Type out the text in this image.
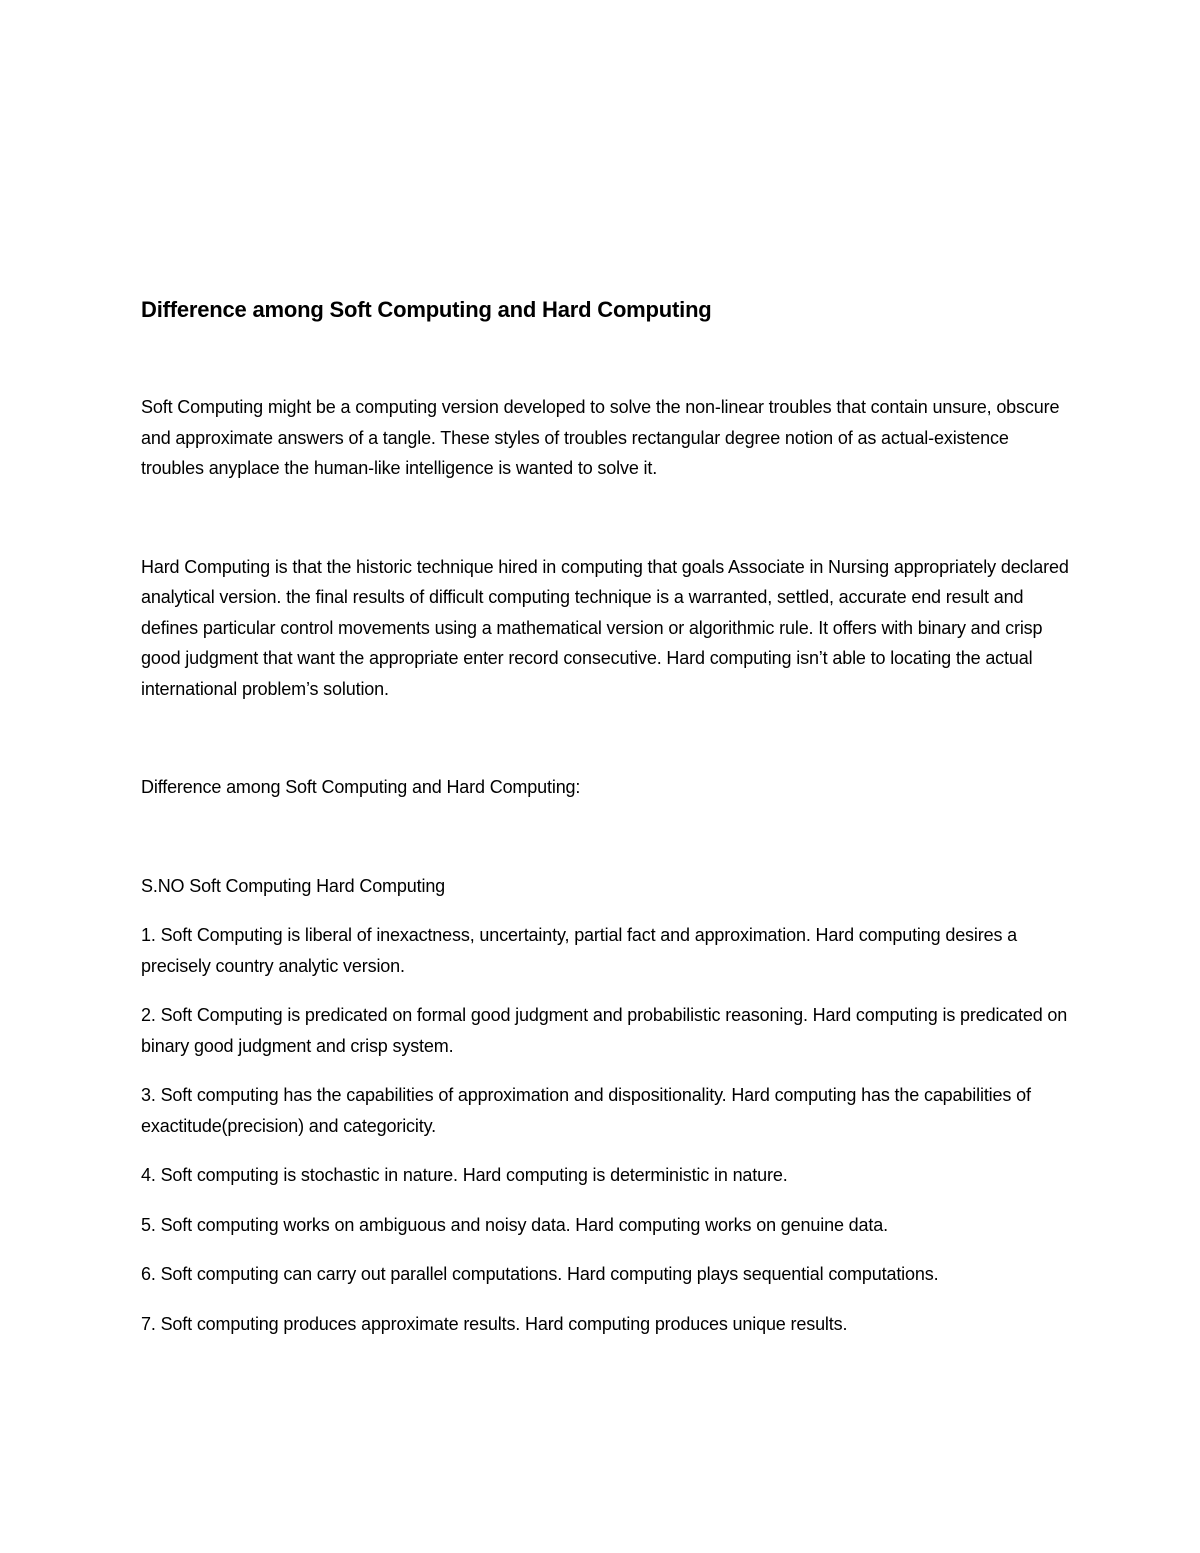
Difference among Soft Computing and Hard Computing

Soft Computing might be a computing version developed to solve the non-linear troubles that contain unsure, obscure and approximate answers of a tangle. These styles of troubles rectangular degree notion of as actual-existence troubles anyplace the human-like intelligence is wanted to solve it.

Hard Computing is that the historic technique hired in computing that goals Associate in Nursing appropriately declared analytical version. the final results of difficult computing technique is a warranted, settled, accurate end result and defines particular control movements using a mathematical version or algorithmic rule. It offers with binary and crisp good judgment that want the appropriate enter record consecutive. Hard computing isn’t able to locating the actual international problem’s solution.

Difference among Soft Computing and Hard Computing:

S.NO Soft Computing Hard Computing

1. Soft Computing is liberal of inexactness, uncertainty, partial fact and approximation. Hard computing desires a precisely country analytic version.

2. Soft Computing is predicated on formal good judgment and probabilistic reasoning. Hard computing is predicated on binary good judgment and crisp system.

3. Soft computing has the capabilities of approximation and dispositionality. Hard computing has the capabilities of exactitude(precision) and categoricity.

4. Soft computing is stochastic in nature. Hard computing is deterministic in nature.

5. Soft computing works on ambiguous and noisy data. Hard computing works on genuine data.

6. Soft computing can carry out parallel computations. Hard computing plays sequential computations.

7. Soft computing produces approximate results. Hard computing produces unique results.
